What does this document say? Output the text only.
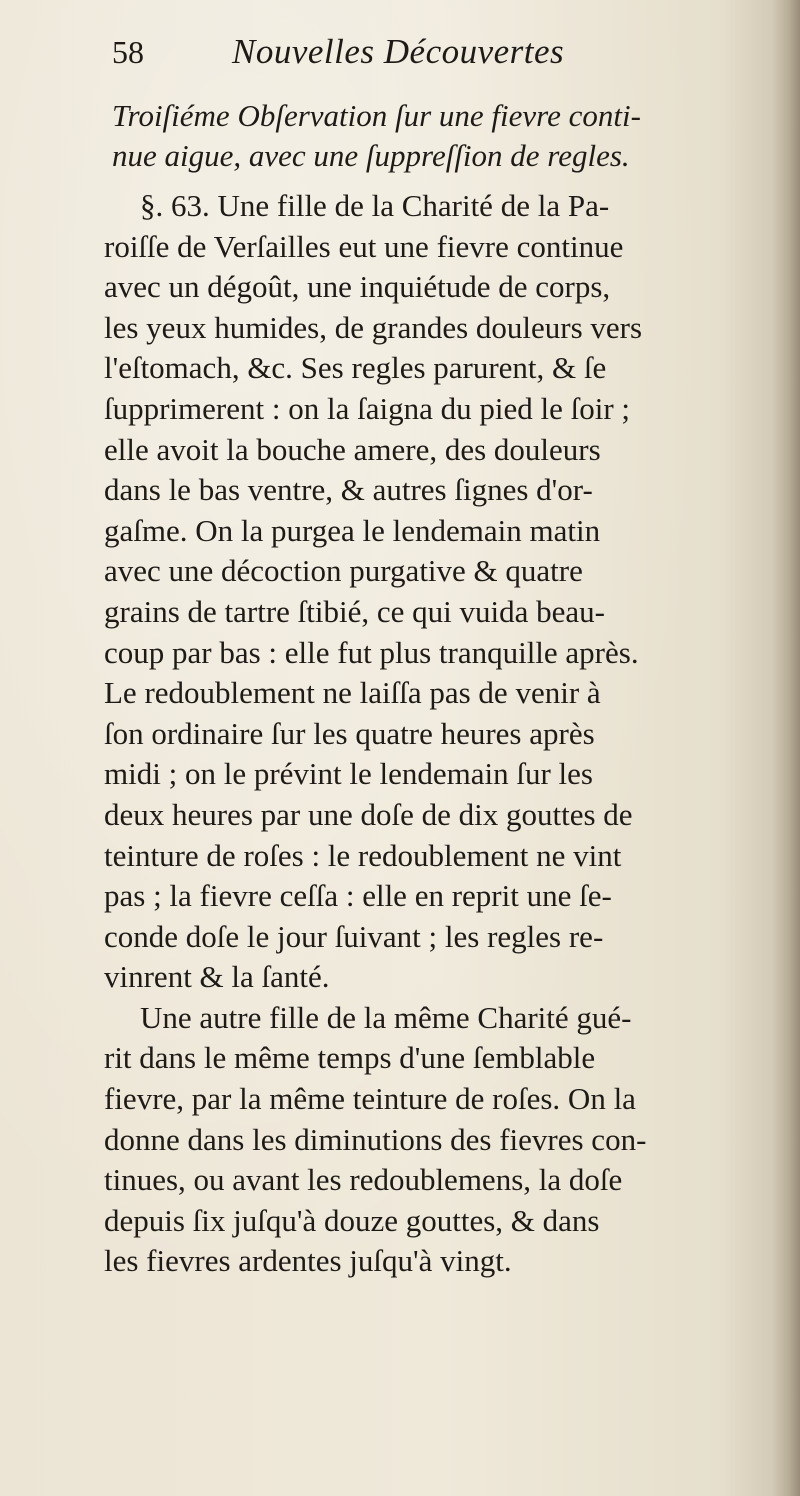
58	Nouvelles Découvertes
Troiſiéme Obſervation ſur une fievre conti-
nue aigue, avec une ſuppreſſion de regles.
§. 63. Une fille de la Charité de la Pa-
roiſſe de Verſailles eut une fievre continue
avec un dégoût, une inquiétude de corps,
les yeux humides, de grandes douleurs vers
l'eſtomach, &c. Ses regles parurent, & ſe
ſupprimerent : on la ſaigna du pied le ſoir ;
elle avoit la bouche amere, des douleurs
dans le bas ventre, & autres ſignes d'or-
gaſme. On la purgea le lendemain matin
avec une décoction purgative & quatre
grains de tartre ſtibié, ce qui vuida beau-
coup par bas : elle fut plus tranquille après.
Le redoublement ne laiſſa pas de venir à
ſon ordinaire ſur les quatre heures après
midi ; on le prévint le lendemain ſur les
deux heures par une doſe de dix gouttes de
teinture de roſes : le redoublement ne vint
pas ; la fievre ceſſa : elle en reprit une ſe-
conde doſe le jour ſuivant ; les regles re-
vinrent & la ſanté.
Une autre fille de la même Charité gué-
rit dans le même temps d'une ſemblable
fievre, par la même teinture de roſes. On la
donne dans les diminutions des fievres con-
tinues, ou avant les redoublemens, la doſe
depuis ſix juſqu'à douze gouttes, & dans
les fievres ardentes juſqu'à vingt.
